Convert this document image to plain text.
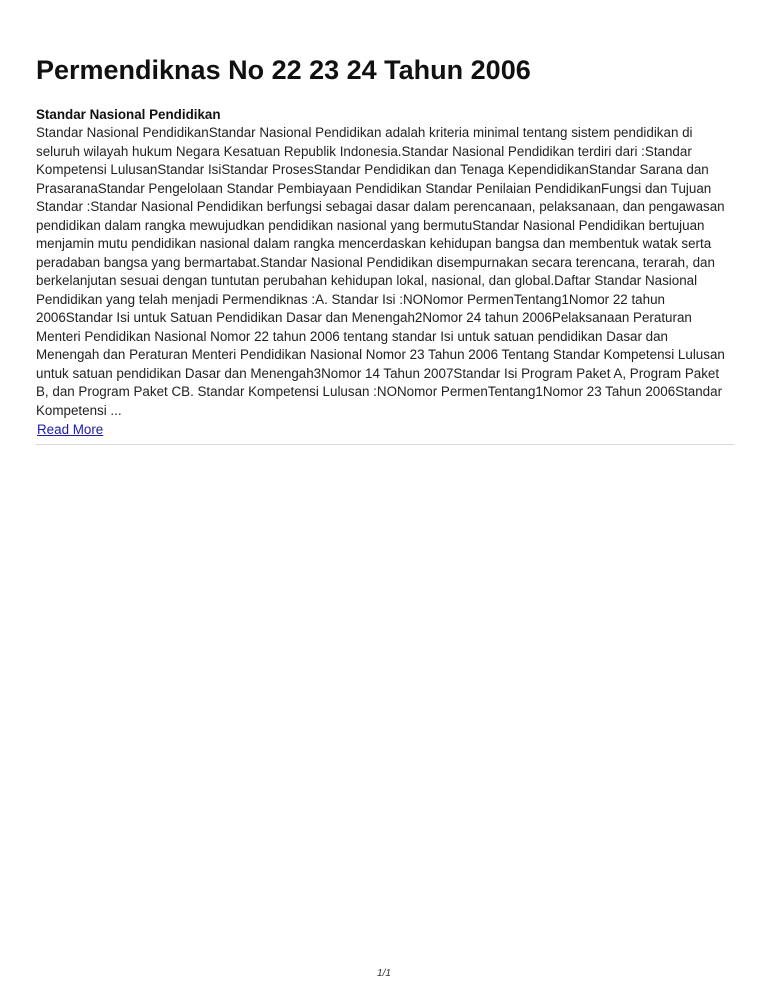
Permendiknas No 22 23 24 Tahun 2006
Standar Nasional Pendidikan

Standar Nasional PendidikanStandar Nasional Pendidikan adalah kriteria minimal tentang sistem pendidikan di seluruh wilayah hukum Negara Kesatuan Republik Indonesia.Standar Nasional Pendidikan terdiri dari :Standar Kompetensi LulusanStandar IsiStandar ProsesStandar Pendidikan dan Tenaga KependidikanStandar Sarana dan PrasaranaStandar Pengelolaan Standar Pembiayaan Pendidikan Standar Penilaian PendidikanFungsi dan Tujuan Standar :Standar Nasional Pendidikan berfungsi sebagai dasar dalam perencanaan, pelaksanaan, dan pengawasan pendidikan dalam rangka mewujudkan pendidikan nasional yang bermutuStandar Nasional Pendidikan bertujuan menjamin mutu pendidikan nasional dalam rangka mencerdaskan kehidupan bangsa dan membentuk watak serta peradaban bangsa yang bermartabat.Standar Nasional Pendidikan disempurnakan secara terencana, terarah, dan berkelanjutan sesuai dengan tuntutan perubahan kehidupan lokal, nasional, dan global.Daftar Standar Nasional Pendidikan yang telah menjadi Permendiknas :A. Standar Isi :NONomor PermenTentang1Nomor 22 tahun 2006Standar Isi untuk Satuan Pendidikan Dasar dan Menengah2Nomor 24 tahun 2006Pelaksanaan Peraturan Menteri Pendidikan Nasional Nomor 22 tahun 2006 tentang standar Isi untuk satuan pendidikan Dasar dan Menengah dan Peraturan Menteri Pendidikan Nasional Nomor 23 Tahun 2006 Tentang Standar Kompetensi Lulusan untuk satuan pendidikan Dasar dan Menengah3Nomor 14 Tahun 2007Standar Isi Program Paket A, Program Paket B, dan Program Paket CB. Standar Kompetensi Lulusan :NONomor PermenTentang1Nomor 23 Tahun 2006Standar Kompetensi ...

Read More
1/1
